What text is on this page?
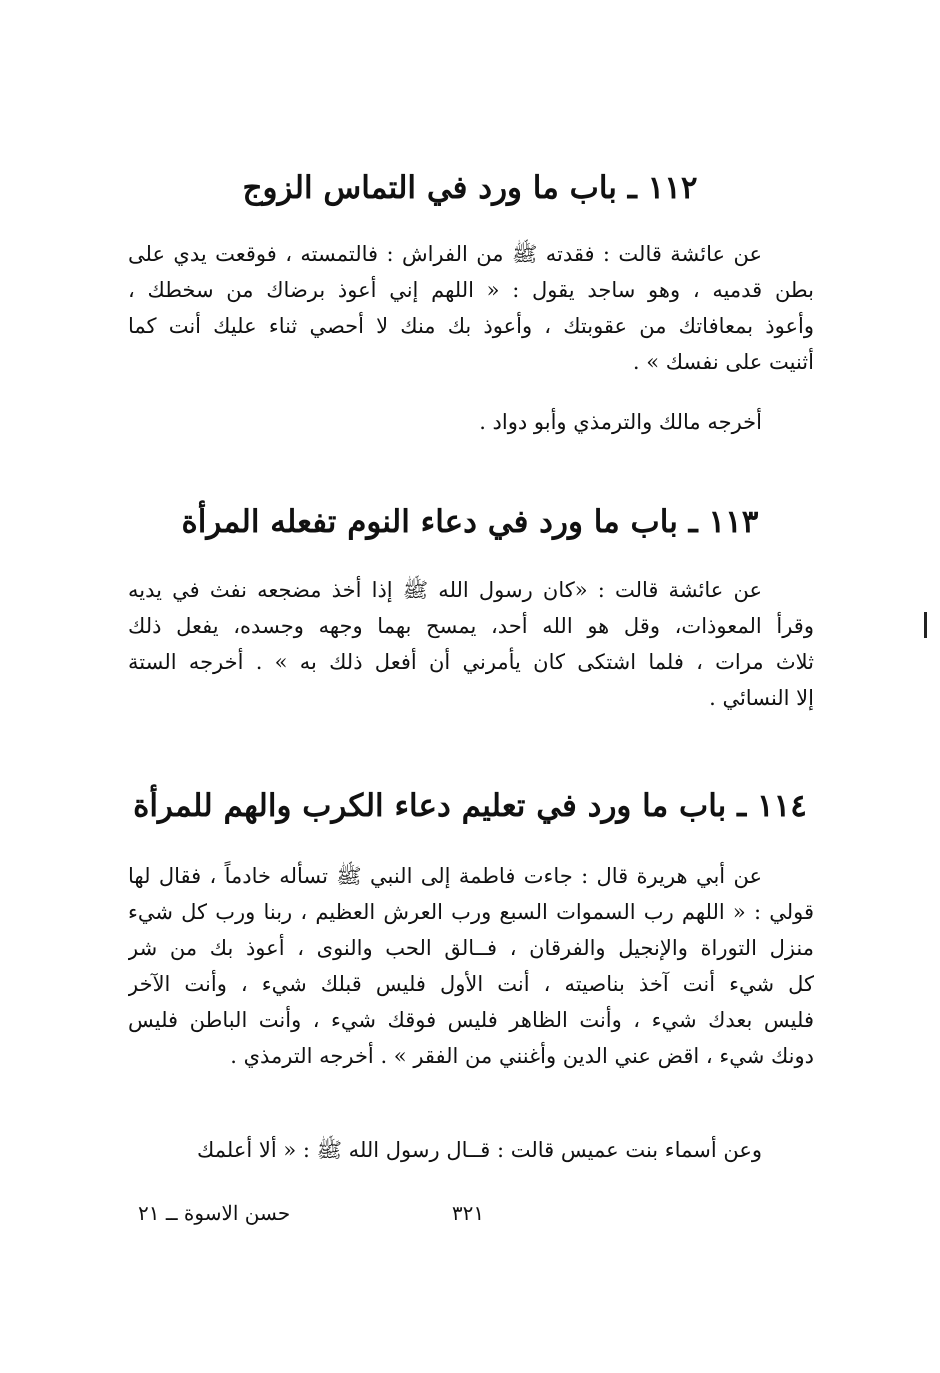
١١٢ ـ باب ما ورد في التماس الزوج
عن عائشة قالت : فقدته ﷺ من الفراش : فالتمسته ، فوقعت يدي على
بطن قدميه ، وهو ساجد يقول : « اللهم إني أعوذ برضاك من سخطك ،
وأعوذ بمعافاتك من عقوبتك ، وأعوذ بك منك لا أحصي ثناء عليك أنت كما
أثنيت على نفسك » .
أخرجه مالك والترمذي وأبو دواد .
١١٣ ـ باب ما ورد في دعاء النوم تفعله المرأة
عن عائشة قالت : «كان رسول الله ﷺ إذا أخذ مضجعه نفث في يديه
وقرأ المعوذات، وقل هو الله أحد، يمسح بهما وجهه وجسده، يفعل ذلك
ثلاث مرات ، فلما اشتكى كان يأمرني أن أفعل ذلك به » . أخرجه الستة
إلا النسائي .
١١٤ ـ باب ما ورد في تعليم دعاء الكرب والهم للمرأة
عن أبي هريرة قال : جاءت فاطمة إلى النبي ﷺ تسأله خادماً ، فقال لها
قولي : « اللهم رب السموات السبع ورب العرش العظيم ، ربنا ورب كل شيء
منزل التوراة والإنجيل والفرقان ، فــالق الحب والنوى ، أعوذ بك من شر
كل شيء أنت آخذ بناصيته ، أنت الأول فليس قبلك شيء ، وأنت الآخر
فليس بعدك شيء ، وأنت الظاهر فليس فوقك شيء ، وأنت الباطن فليس
دونك شيء ، اقض عني الدين وأغنني من الفقر » . أخرجه الترمذي .
وعن أسماء بنت عميس قالت : قــال رسول الله ﷺ : « ألا أعلمك
٣٢١
حسن الاسوة ــ ٢١
